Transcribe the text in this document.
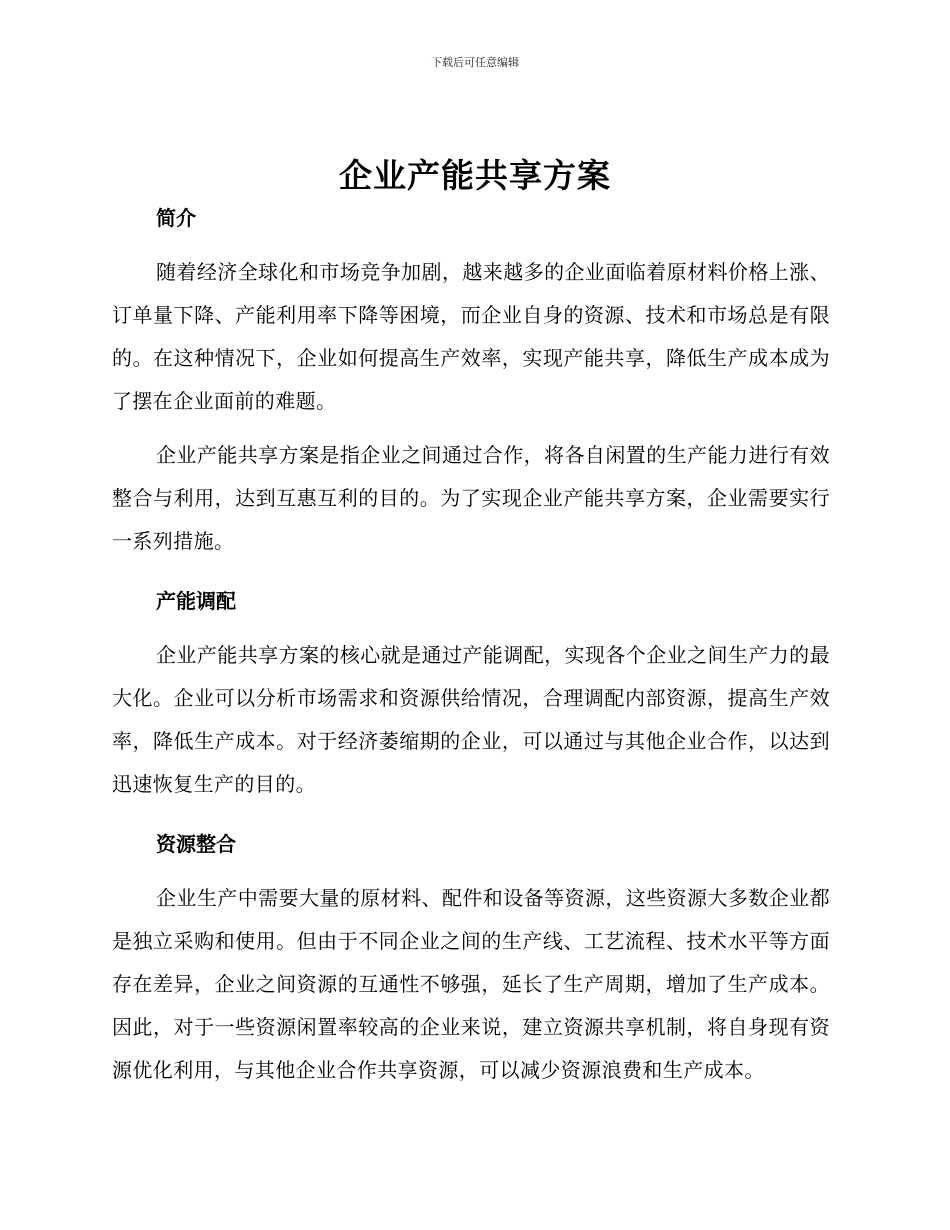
下载后可任意编辑
企业产能共享方案
简介

随着经济全球化和市场竞争加剧，越来越多的企业面临着原材料价格上涨、订单量下降、产能利用率下降等困境，而企业自身的资源、技术和市场总是有限的。在这种情况下，企业如何提高生产效率，实现产能共享，降低生产成本成为了摆在企业面前的难题。

企业产能共享方案是指企业之间通过合作，将各自闲置的生产能力进行有效整合与利用，达到互惠互利的目的。为了实现企业产能共享方案，企业需要实行一系列措施。

产能调配

企业产能共享方案的核心就是通过产能调配，实现各个企业之间生产力的最大化。企业可以分析市场需求和资源供给情况，合理调配内部资源，提高生产效率，降低生产成本。对于经济萎缩期的企业，可以通过与其他企业合作，以达到迅速恢复生产的目的。

资源整合

企业生产中需要大量的原材料、配件和设备等资源，这些资源大多数企业都是独立采购和使用。但由于不同企业之间的生产线、工艺流程、技术水平等方面存在差异，企业之间资源的互通性不够强，延长了生产周期，增加了生产成本。因此，对于一些资源闲置率较高的企业来说，建立资源共享机制，将自身现有资源优化利用，与其他企业合作共享资源，可以减少资源浪费和生产成本。
